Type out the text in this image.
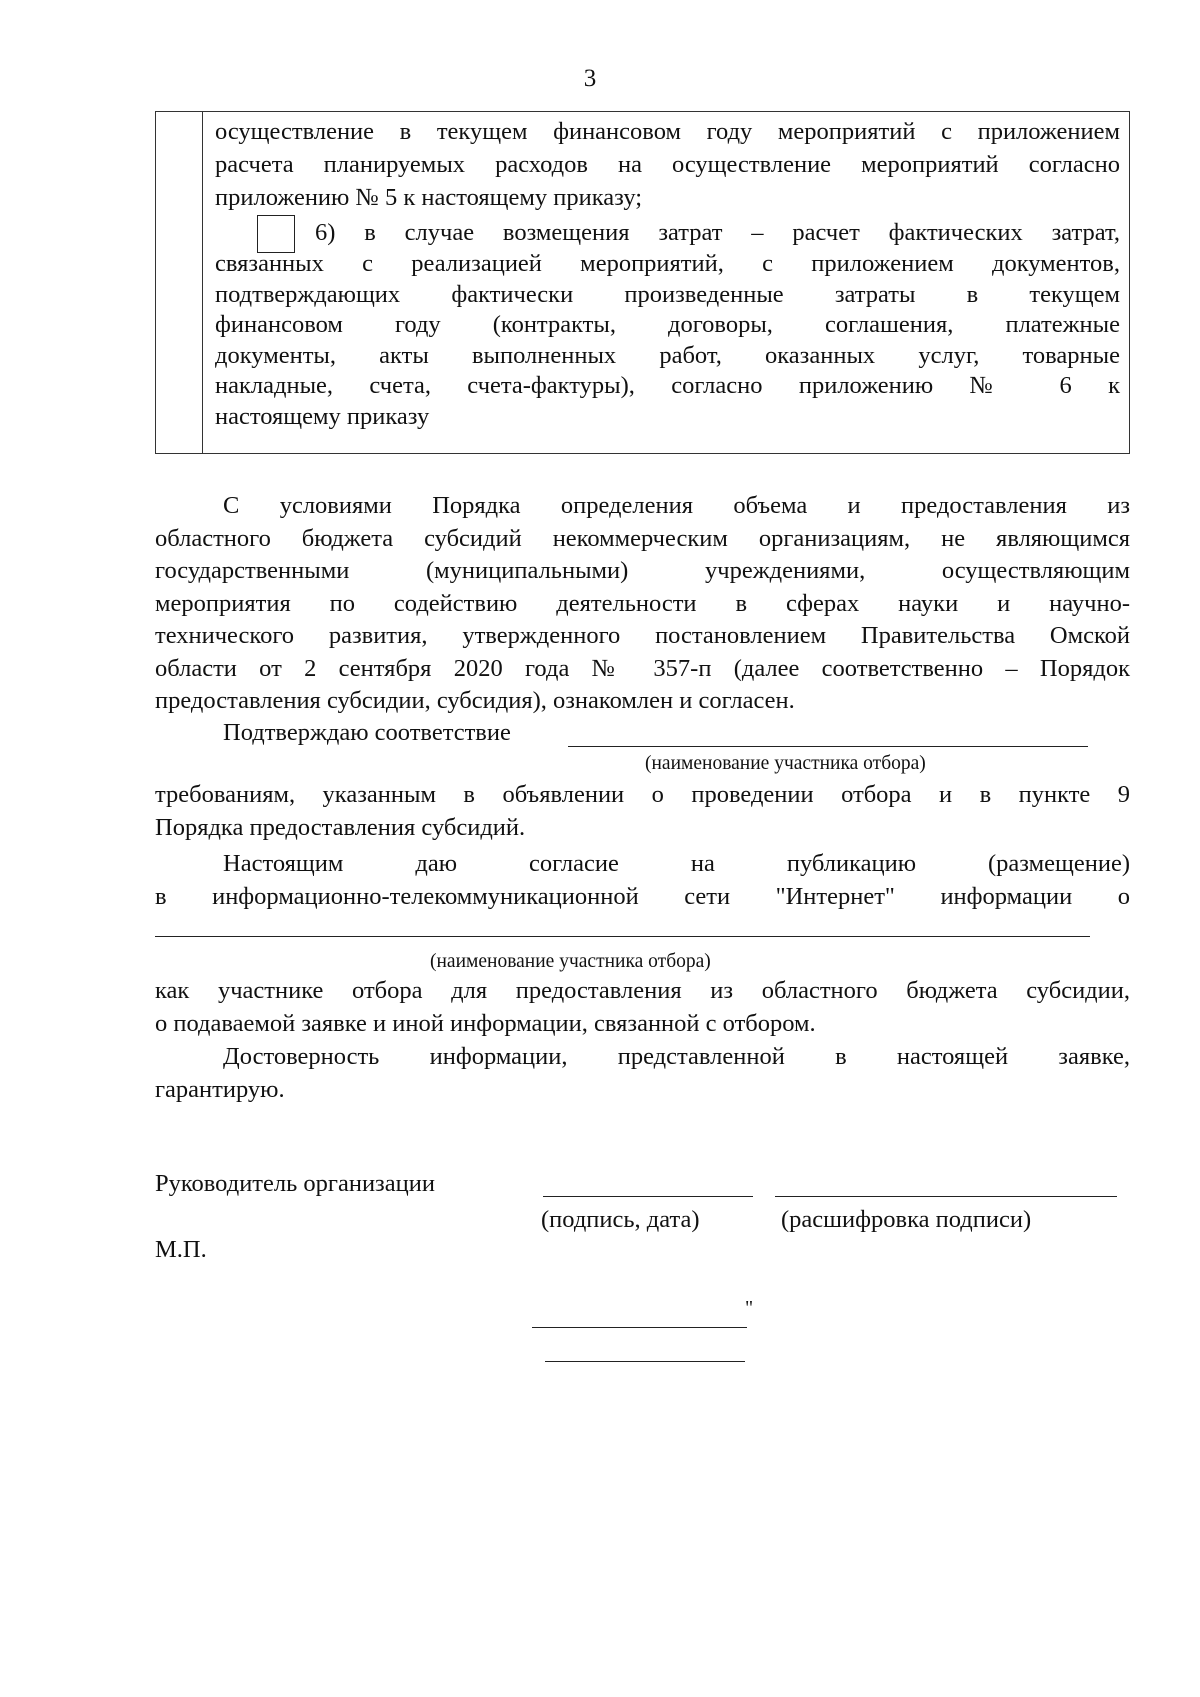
3

осуществление в текущем финансовом году мероприятий с приложением

расчета планируемых расходов на осуществление мероприятий согласно

приложению № 5 к настоящему приказу;

6) в случае возмещения затрат – расчет фактических затрат,

связанных с реализацией мероприятий, с приложением документов,

подтверждающих фактически произведенные затраты в текущем

финансовом году (контракты, договоры, соглашения, платежные

документы, акты выполненных работ, оказанных услуг, товарные

накладные, счета, счета-фактуры), согласно приложению № 6 к

настоящему приказу

С условиями Порядка определения объема и предоставления из

областного бюджета субсидий некоммерческим организациям, не являющимся

государственными (муниципальными) учреждениями, осуществляющим

мероприятия по содействию деятельности в сферах науки и научно-

технического развития, утвержденного постановлением Правительства Омской

области от 2 сентября 2020 года № 357-п (далее соответственно – Порядок

предоставления субсидии, субсидия), ознакомлен и согласен.

Подтверждаю соответствие
(наименование участника отбора)

требованиям, указанным в объявлении о проведении отбора и в пункте 9

Порядка предоставления субсидий.

Настоящим даю согласие на публикацию (размещение)

в информационно-телекоммуникационной сети "Интернет" информации о

(наименование участника отбора)

как участнике отбора для предоставления из областного бюджета субсидии,

о подаваемой заявке и иной информации, связанной с отбором.

Достоверность информации, представленной в настоящей заявке,

гарантирую.

Руководитель организации
(подпись, дата)	(расшифровка подписи)
М.П.
"
